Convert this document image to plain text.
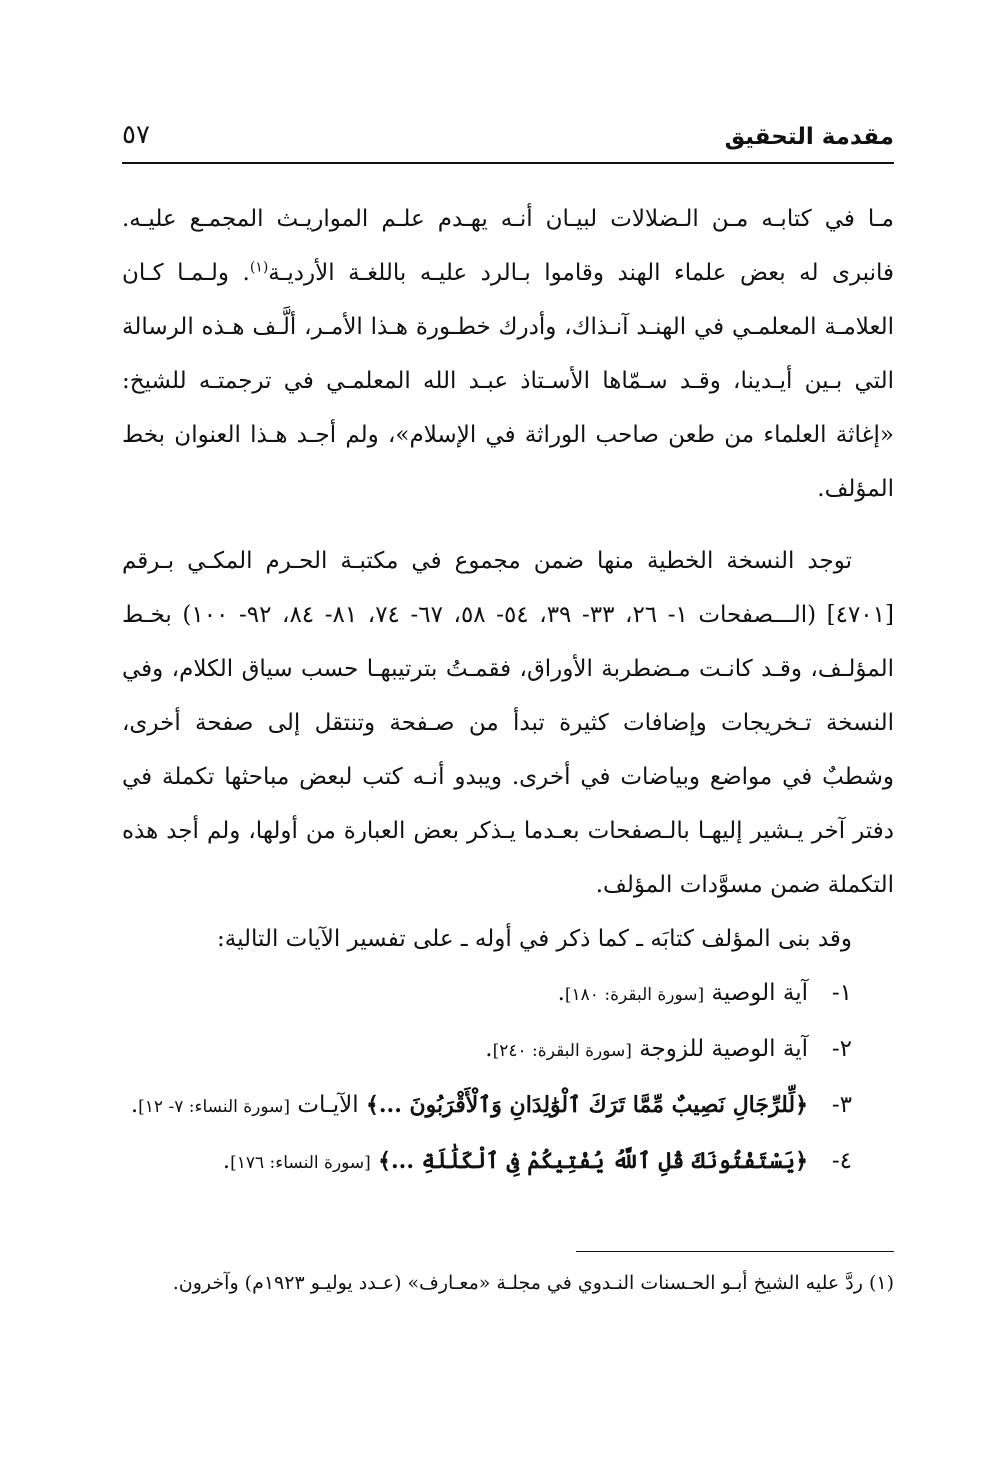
مقدمة التحقيق
٥٧

مـا في كتابـه مـن الـضلالات لبيـان أنـه يهـدم علـم المواريـث المجمـع عليـه. فانبرى له بعض علماء الهند وقاموا بـالرد عليـه باللغـة الأرديـة$^{(١)}$. ولـمـا كـان العلامـة المعلمـي في الهنـد آنـذاك، وأدرك خطـورة هـذا الأمـر، ألَّـف هـذه الرسالة التي بـين أيـدينا، وقـد سـمّاها الأسـتاذ عبـد الله المعلمـي في ترجمتـه للشيخ: «إغاثة العلماء من طعن صاحب الوراثة في الإسلام»، ولم أجـد هـذا العنوان بخط المؤلف.

توجد النسخة الخطية منها ضمن مجموع في مكتبـة الحـرم المكـي بـرقم [٤٧٠١] (الـــصفحات ١- ٢٦، ٣٣- ٣٩، ٥٤- ٥٨، ٦٧- ٧٤، ٨١- ٨٤، ٩٢- ١٠٠) بخـط المؤلـف، وقـد كانـت مـضطربة الأوراق، فقمـتُ بترتيبهـا حسب سياق الكلام، وفي النسخة تـخريجات وإضافات كثيرة تبدأ من صـفحة وتنتقل إلى صفحة أخرى، وشطبٌ في مواضع وبياضات في أخرى. ويبدو أنـه كتب لبعض مباحثها تكملة في دفتر آخر يـشير إليهـا بالـصفحات بعـدما يـذكر بعض العبارة من أولها، ولم أجد هذه التكملة ضمن مسوَّدات المؤلف.

وقد بنى المؤلف كتابَه ـ كما ذكر في أوله ـ على تفسير الآيات التالية:

١-
آية الوصية [سورة البقرة: ١٨٠].
٢-
آية الوصية للزوجة [سورة البقرة: ٢٤٠].
٣-
﴿لِّلرِّجَالِ نَصِيبٌ مِّمَّا تَرَكَ ٱلْوَٰلِدَانِ وَٱلْأَقْرَبُونَ ...﴾ الآيـات [سورة النساء: ٧- ١٢].
٤-
﴿يَسْتَفْتُونَكَ قُلِ ٱللَّهُ يُفْتِيكُمْ فِى ٱلْكَلَٰلَةِ ...﴾ [سورة النساء: ١٧٦].
(١) ردَّ عليه الشيخ أبـو الحـسنات النـدوي في مجلـة «معـارف» (عـدد يوليـو ١٩٢٣م) وآخرون.
